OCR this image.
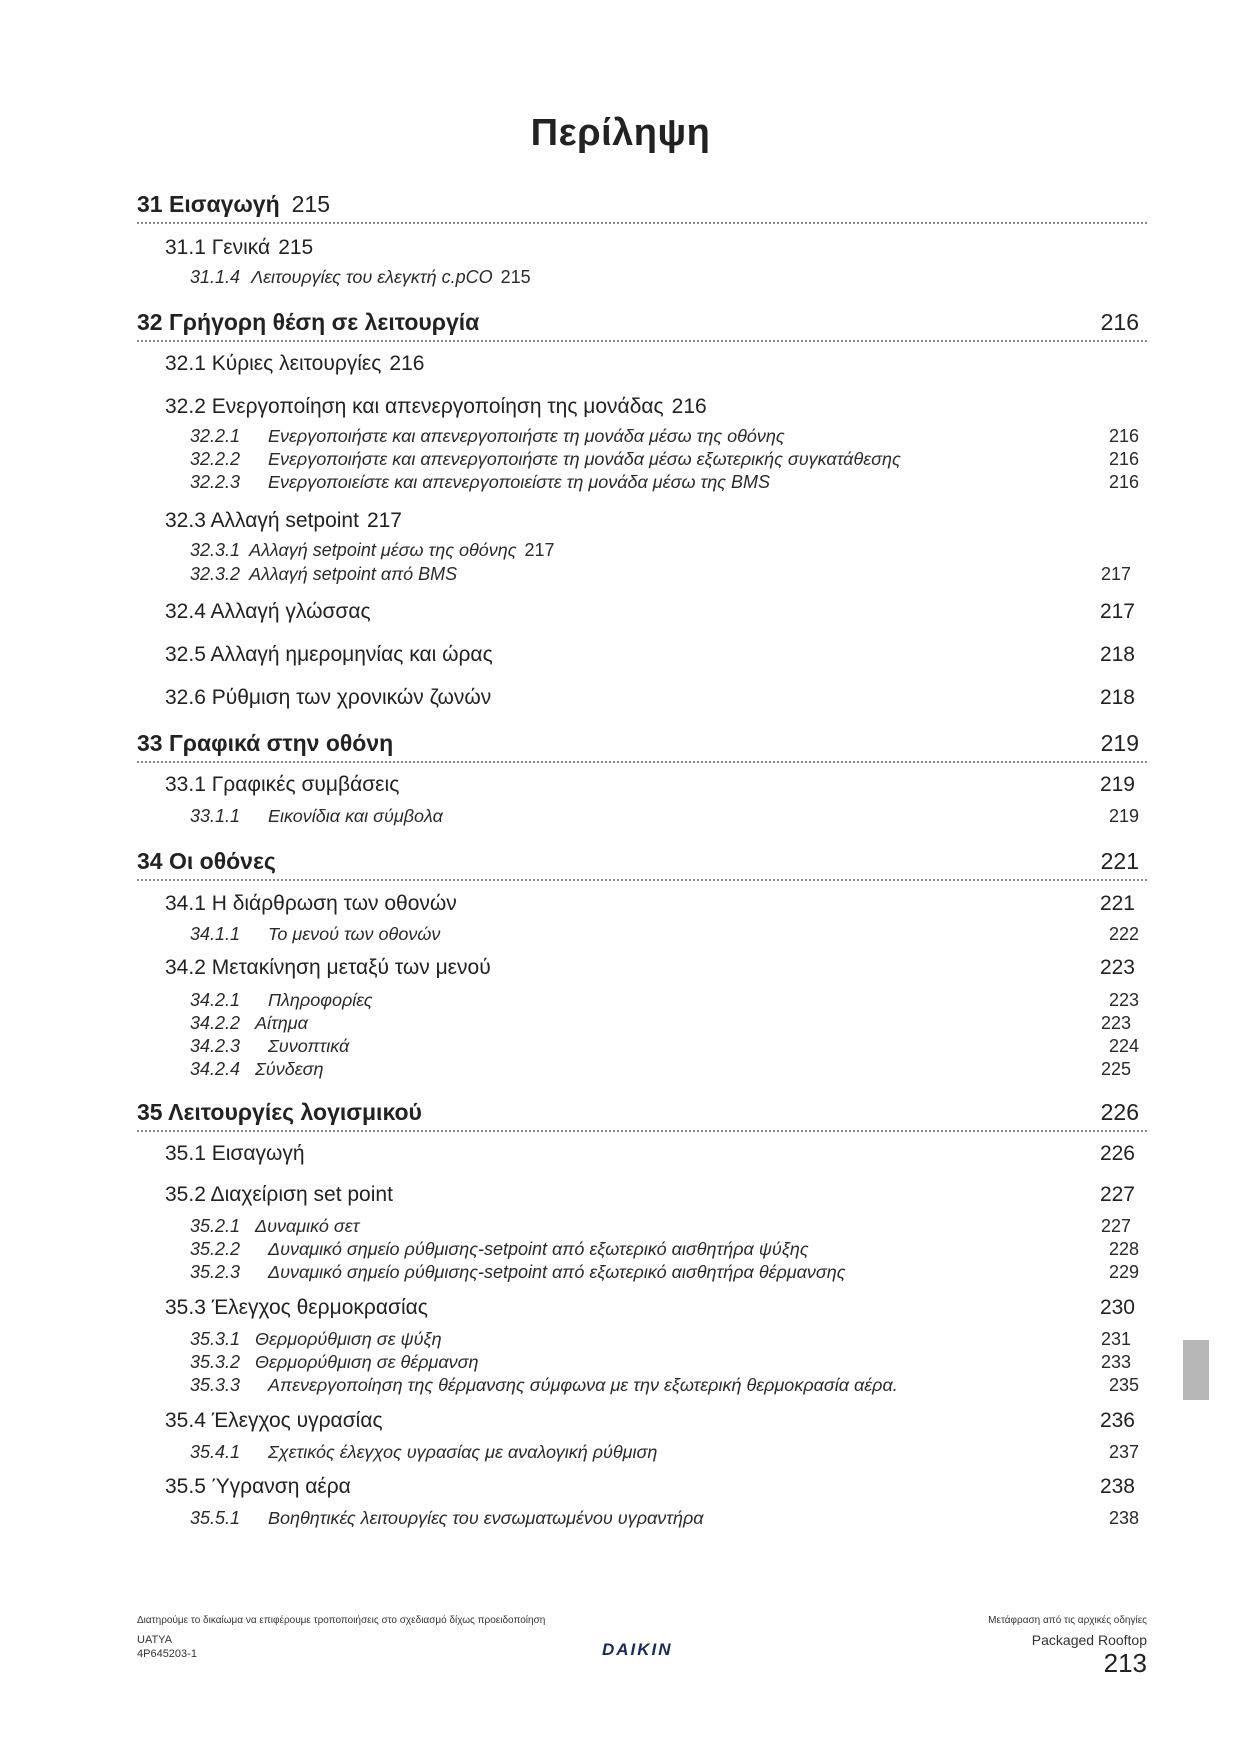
Περίληψη
31 Εισαγωγή 215
31.1 Γενικά 215
31.1.4 Λειτουργίες του ελεγκτή c.pCO 215
32 Γρήγορη θέση σε λειτουργία	216
32.1 Κύριες λειτουργίες 216
32.2 Ενεργοποίηση και απενεργοποίηση της μονάδας 216
32.2.1 Ενεργοποιήστε και απενεργοποιήστε τη μονάδα μέσω της οθόνης	216
32.2.2 Ενεργοποιήστε και απενεργοποιήστε τη μονάδα μέσω εξωτερικής συγκατάθεσης	216
32.2.3 Ενεργοποιείστε και απενεργοποιείστε τη μονάδα μέσω της BMS	216
32.3 Αλλαγή setpoint 217
32.3.1 Αλλαγή setpoint μέσω της οθόνης 217
32.3.2 Αλλαγή setpoint από BMS	217
32.4 Αλλαγή γλώσσας	217
32.5 Αλλαγή ημερομηνίας και ώρας	218
32.6 Ρύθμιση των χρονικών ζωνών	218
33 Γραφικά στην οθόνη	219
33.1 Γραφικές συμβάσεις	219
33.1.1 Εικονίδια και σύμβολα	219
34 Οι οθόνες	221
34.1 Η διάρθρωση των οθονών	221
34.1.1 Το μενού των οθονών	222
34.2 Μετακίνηση μεταξύ των μενού	223
34.2.1 Πληροφορίες	223
34.2.2 Αίτημα	223
34.2.3 Συνοπτικά	224
34.2.4 Σύνδεση	225
35 Λειτουργίες λογισμικού	226
35.1 Εισαγωγή	226
35.2 Διαχείριση set point	227
35.2.1 Δυναμικό σετ	227
35.2.2 Δυναμικό σημείο ρύθμισης-setpoint από εξωτερικό αισθητήρα ψύξης	228
35.2.3 Δυναμικό σημείο ρύθμισης-setpoint από εξωτερικό αισθητήρα θέρμανσης	229
35.3 Έλεγχος θερμοκρασίας	230
35.3.1 Θερμορύθμιση σε ψύξη	231
35.3.2 Θερμορύθμιση σε θέρμανση	233
35.3.3 Απενεργοποίηση της θέρμανσης σύμφωνα με την εξωτερική θερμοκρασία αέρα.	235
35.4 Έλεγχος υγρασίας	236
35.4.1 Σχετικός έλεγχος υγρασίας με αναλογική ρύθμιση	237
35.5 Ύγρανση αέρα	238
35.5.1 Βοηθητικές λειτουργίες του ενσωματωμένου υγραντήρα	238
Διατηρούμε το δικαίωμα να επιφέρουμε τροποποιήσεις στο σχεδιασμό δίχως προειδοποίηση	Μετάφραση από τις αρχικές οδηγίες
UATYA
4P645203-1	DAIKIN	Packaged Rooftop
213
